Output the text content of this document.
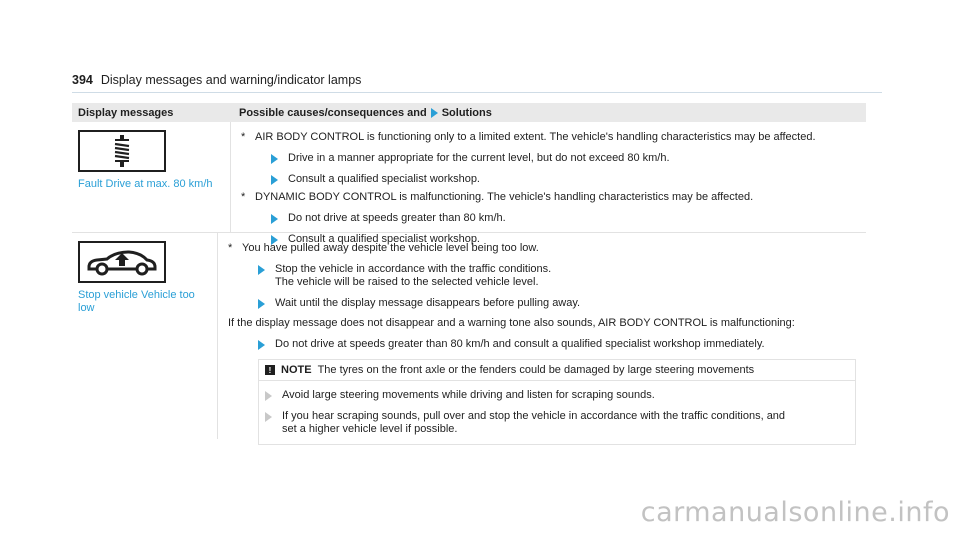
394 Display messages and warning/indicator lamps
Display messages	Possible causes/consequences and Solutions
Fault Drive at max. 80 km/h
* AIR BODY CONTROL is functioning only to a limited extent. The vehicle's handling characteristics may be affected.
Drive in a manner appropriate for the current level, but do not exceed 80 km/h.
Consult a qualified specialist workshop.
* DYNAMIC BODY CONTROL is malfunctioning. The vehicle's handling characteristics may be affected.
Do not drive at speeds greater than 80 km/h.
Consult a qualified specialist workshop.
Stop vehicle Vehicle too low
* You have pulled away despite the vehicle level being too low.
Stop the vehicle in accordance with the traffic conditions.
The vehicle will be raised to the selected vehicle level.
Wait until the display message disappears before pulling away.
If the display message does not disappear and a warning tone also sounds, AIR BODY CONTROL is malfunctioning:
Do not drive at speeds greater than 80 km/h and consult a qualified specialist workshop immediately.
! NOTE The tyres on the front axle or the fenders could be damaged by large steering movements
Avoid large steering movements while driving and listen for scraping sounds.
If you hear scraping sounds, pull over and stop the vehicle in accordance with the traffic conditions, and
set a higher vehicle level if possible.
carmanualsonline.info
